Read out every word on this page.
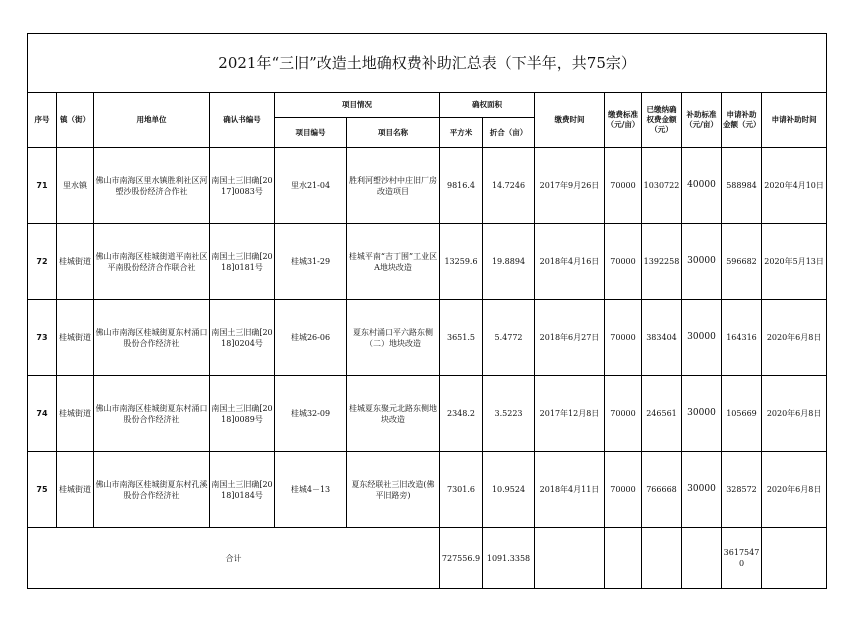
2021年“三旧”改造土地确权费补助汇总表（下半年，共75宗）													
序号	镇（街）	用地单位	确认书编号	项目情况		确权面积		缴费时间	缴费标准（元/亩）	已缴纳确权费金额（元）	补助标准（元/亩）	申请补助金额（元）	申请补助时间
				项目编号	项目名称	平方米	折合（亩）						
71	里水镇	佛山市南海区里水镇胜利社区河塱沙股份经济合作社	南国土三旧确[2017]0083号	里水21-04	胜利河塱沙村中庄旧厂房改造项目	9816.4	14.7246	2017年9月26日	70000	1030722	40000	588984	2020年4月10日
72	桂城街道	佛山市南海区桂城街道平南社区平南股份经济合作联合社	南国土三旧确[2018]0181号	桂城31-29	桂城平南“吉丁围”工业区A地块改造	13259.6	19.8894	2018年4月16日	70000	1392258	30000	596682	2020年5月13日
73	桂城街道	佛山市南海区桂城街夏东村涌口股份合作经济社	南国土三旧确[2018]0204号	桂城26-06	夏东村涌口平六路东侧（二）地块改造	3651.5	5.4772	2018年6月27日	70000	383404	30000	164316	2020年6月8日
74	桂城街道	佛山市南海区桂城街夏东村涌口股份合作经济社	南国土三旧确[2018]0089号	桂城32-09	桂城夏东聚元北路东侧地块改造	2348.2	3.5223	2017年12月8日	70000	246561	30000	105669	2020年6月8日
75	桂城街道	佛山市南海区桂城街夏东村孔溪股份合作经济社	南国土三旧确[2018]0184号	桂城4－13	夏东经联社三旧改造(佛平旧路旁)	7301.6	10.9524	2018年4月11日	70000	766668	30000	328572	2020年6月8日
合计						727556.9	1091.3358					36175470	
